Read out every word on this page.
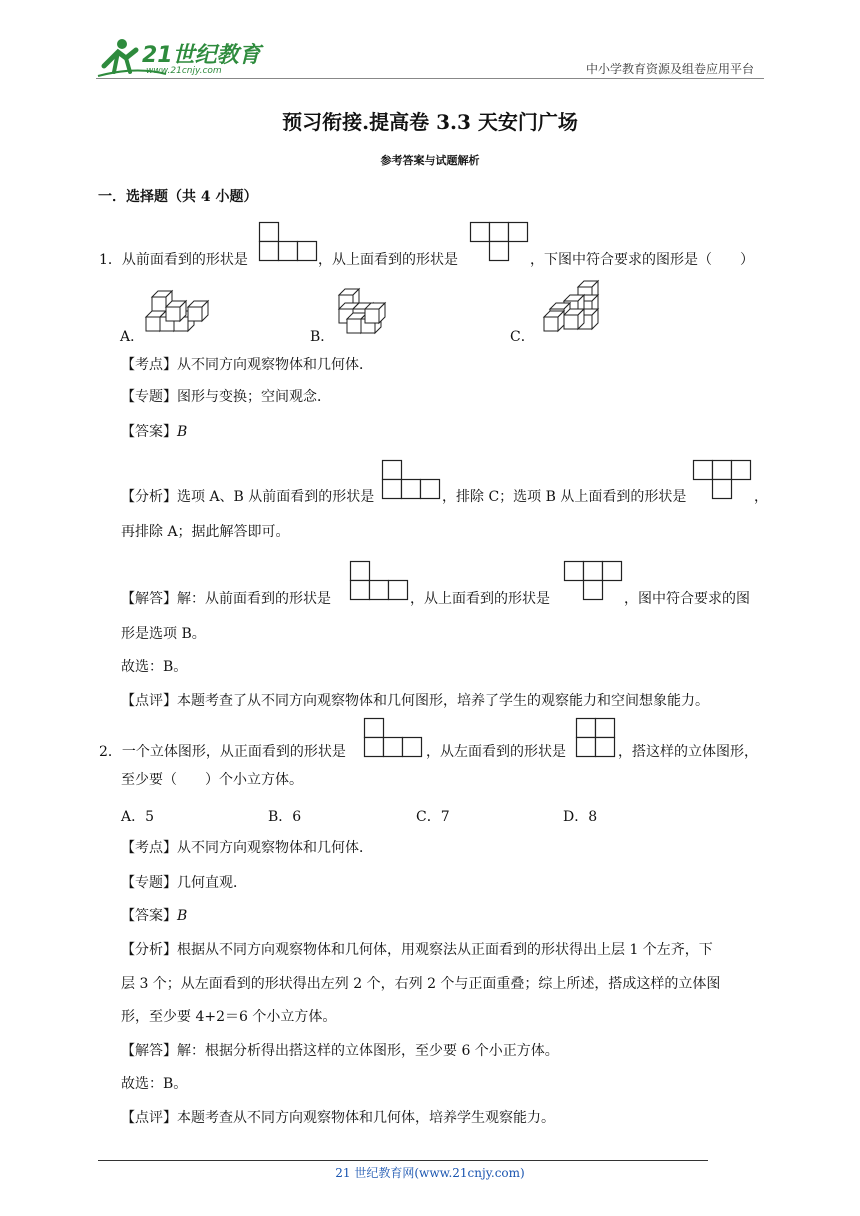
21世纪教育
www.21cnjy.com	中小学教育资源及组卷应用平台
预习衔接.提高卷 3.3 天安门广场
参考答案与试题解析
一．选择题（共 4 小题）
1．从前面看到的形状是	，从上面看到的形状是	，下图中符合要求的图形是（　　）
A．	B．	C．
【考点】从不同方向观察物体和几何体．
【专题】图形与变换；空间观念．
【答案】B
【分析】选项 A、B 从前面看到的形状是	，排除 C；选项 B 从上面看到的形状是	，
再排除 A；据此解答即可。
【解答】解：从前面看到的形状是	，从上面看到的形状是	，图中符合要求的图
形是选项 B。
故选：B。
【点评】本题考查了从不同方向观察物体和几何图形，培养了学生的观察能力和空间想象能力。
2．一个立体图形，从正面看到的形状是	，从左面看到的形状是	，搭这样的立体图形，
至少要（　　）个小立方体。
A．5	B．6	C．7	D．8
【考点】从不同方向观察物体和几何体．
【专题】几何直观．
【答案】B
【分析】根据从不同方向观察物体和几何体，用观察法从正面看到的形状得出上层 1 个左齐，下
层 3 个；从左面看到的形状得出左列 2 个，右列 2 个与正面重叠；综上所述，搭成这样的立体图
形，至少要 4+2＝6 个小立方体。
【解答】解：根据分析得出搭这样的立体图形，至少要 6 个小正方体。
故选：B。
【点评】本题考查从不同方向观察物体和几何体，培养学生观察能力。
21 世纪教育网(www.21cnjy.com)
